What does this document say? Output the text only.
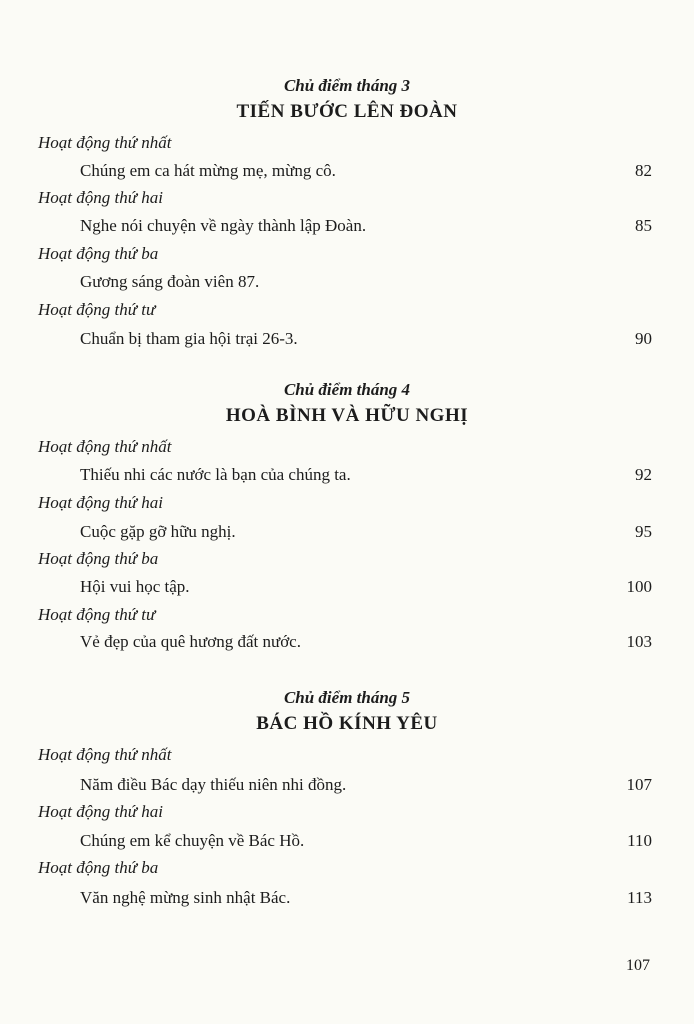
Chủ điểm tháng 3
TIẾN BƯỚC LÊN ĐOÀN
Hoạt động thứ nhất
Chúng em ca hát mừng mẹ, mừng cô.	82
Hoạt động thứ hai
Nghe nói chuyện về ngày thành lập Đoàn.	85
Hoạt động thứ ba
Gương sáng đoàn viên 87.
Hoạt động thứ tư
Chuẩn bị tham gia hội trại 26-3.	90
Chủ điểm tháng 4
HOÀ BÌNH VÀ HỮU NGHỊ
Hoạt động thứ nhất
Thiếu nhi các nước là bạn của chúng ta.	92
Hoạt động thứ hai
Cuộc gặp gỡ hữu nghị.	95
Hoạt động thứ ba
Hội vui học tập.	100
Hoạt động thứ tư
Vẻ đẹp của quê hương đất nước.	103
Chủ điểm tháng 5
BÁC HỒ KÍNH YÊU
Hoạt động thứ nhất
Năm điều Bác dạy thiếu niên nhi đồng.	107
Hoạt động thứ hai
Chúng em kể chuyện về Bác Hồ.	110
Hoạt động thứ ba
Văn nghệ mừng sinh nhật Bác.	113
107
